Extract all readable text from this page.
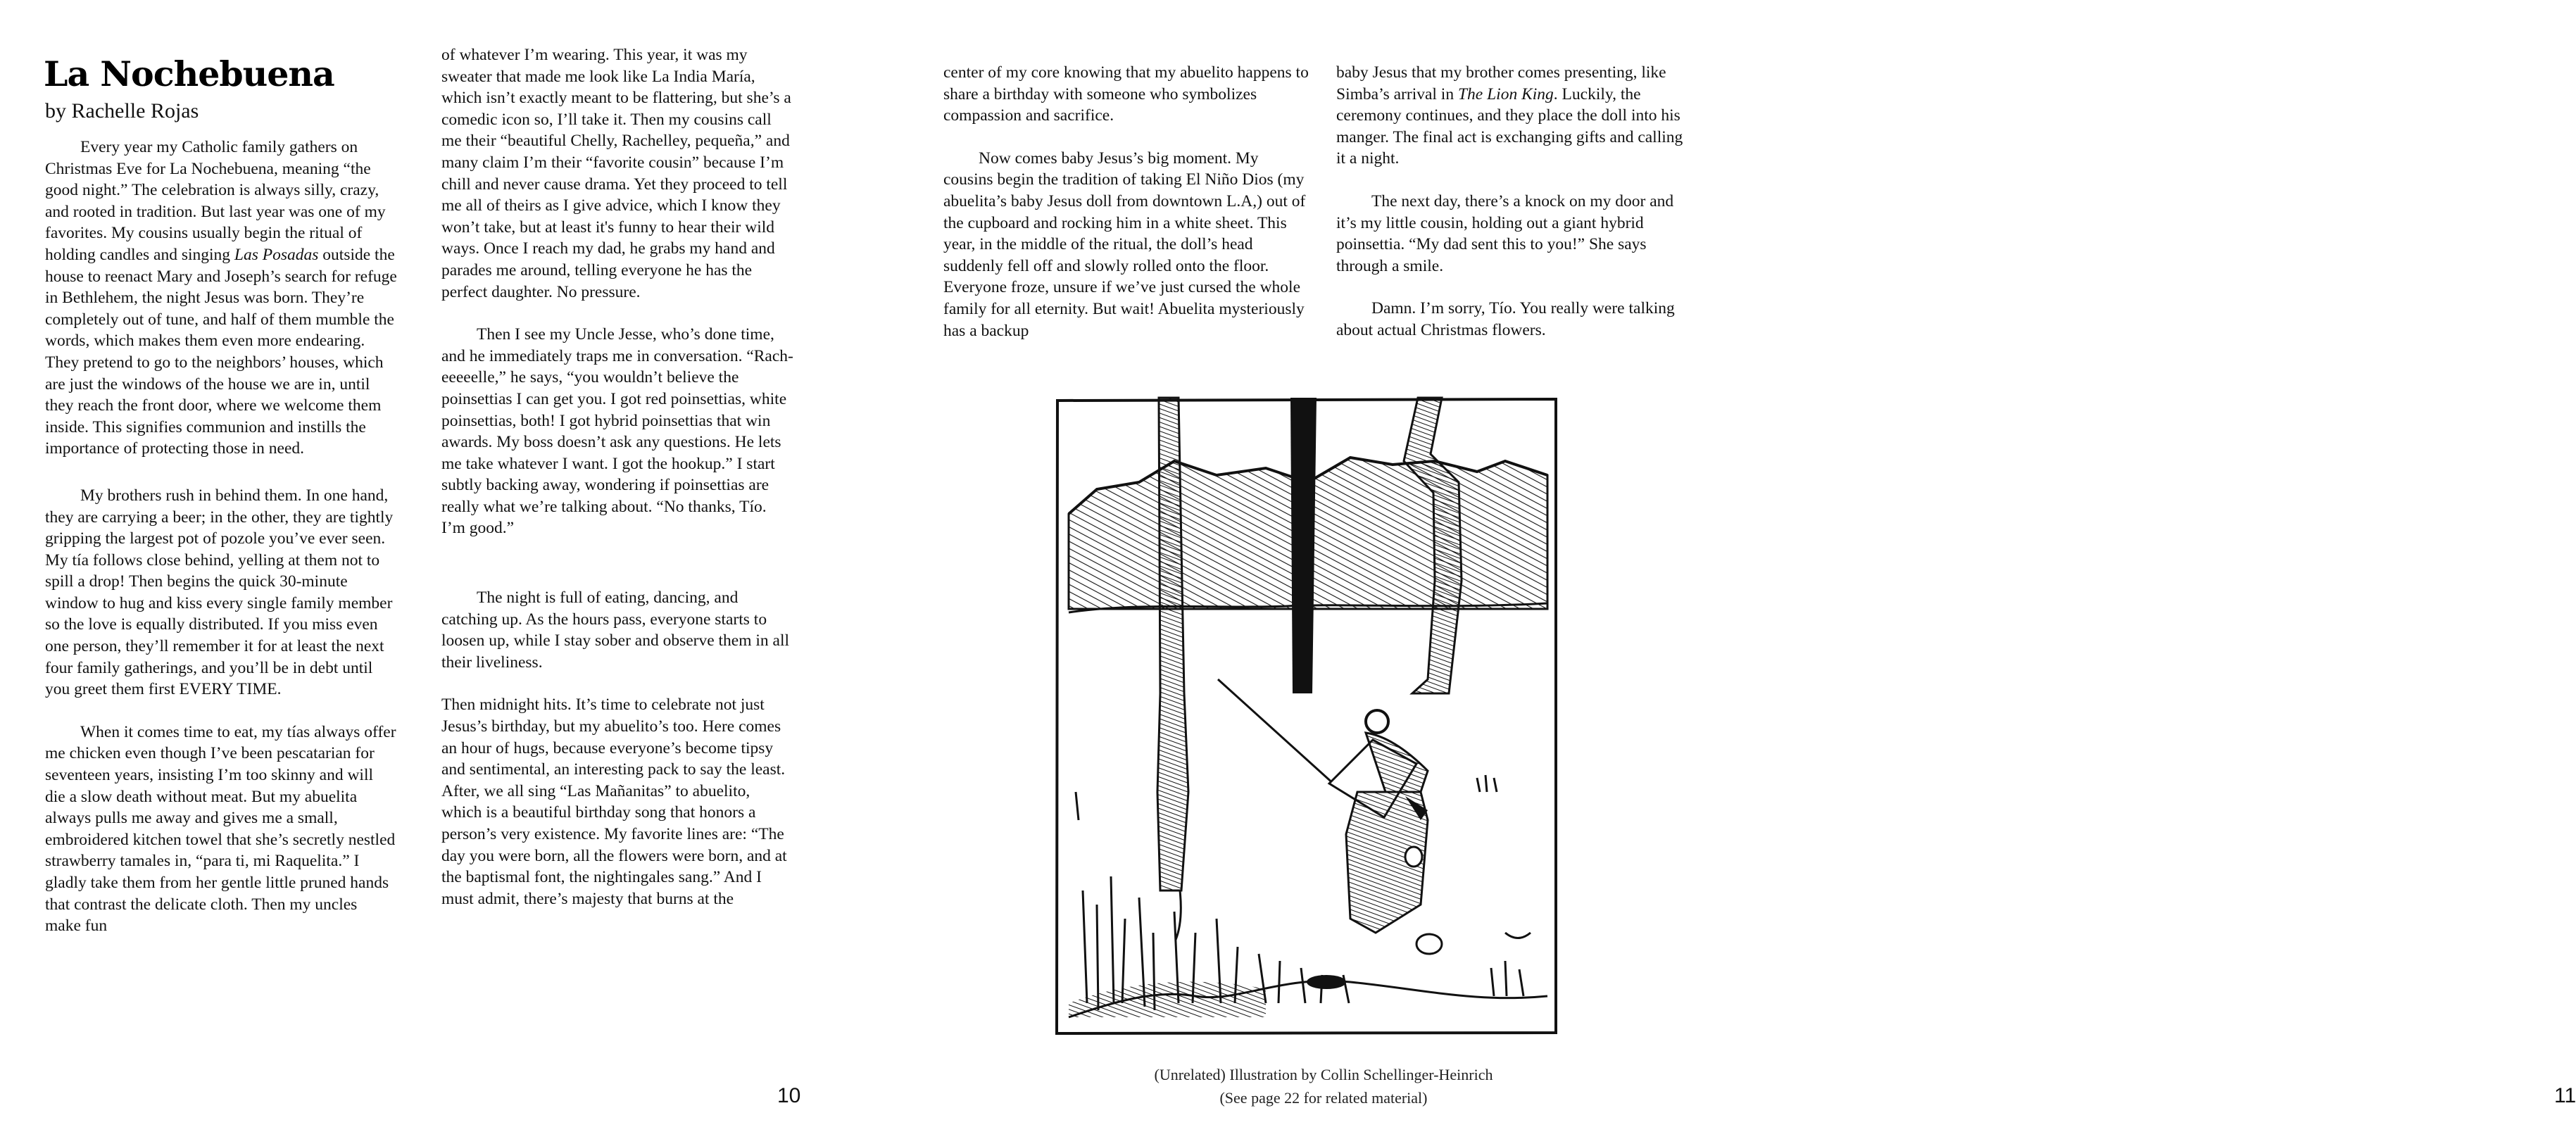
La Nochebuena

by Rachelle Rojas

Every year my Catholic family gathers on Christmas Eve for La Nochebuena, meaning “the good night.” The celebration is always silly, crazy, and rooted in tradition. But last year was one of my favorites. My cousins usually begin the ritual of holding candles and singing Las Posadas outside the house to reenact Mary and Joseph’s search for refuge in Bethlehem, the night Jesus was born. They’re completely out of tune, and half of them mumble the words, which makes them even more endearing. They pretend to go to the neighbors’ houses, which are just the windows of the house we are in, until they reach the front door, where we welcome them inside. This signifies communion and instills the importance of protecting those in need.

My brothers rush in behind them. In one hand, they are carrying a beer; in the other, they are tightly gripping the largest pot of pozole you’ve ever seen. My tía follows close behind, yelling at them not to spill a drop! Then begins the quick 30-minute window to hug and kiss every single family member so the love is equally distributed. If you miss even one person, they’ll remember it for at least the next four family gatherings, and you’ll be in debt until you greet them first EVERY TIME.

When it comes time to eat, my tías always offer me chicken even though I’ve been pescatarian for seventeen years, insisting I’m too skinny and will die a slow death without meat. But my abuelita always pulls me away and gives me a small, embroidered kitchen towel that she’s secretly nestled strawberry tamales in, “para ti, mi Raquelita.” I gladly take them from her gentle little pruned hands that contrast the delicate cloth. Then my uncles make fun

of whatever I’m wearing. This year, it was my sweater that made me look like La India María, which isn’t exactly meant to be flattering, but she’s a comedic icon so, I’ll take it. Then my cousins call me their “beautiful Chelly, Rachelley, pequeña,” and many claim I’m their “favorite cousin” because I’m chill and never cause drama. Yet they proceed to tell me all of theirs as I give advice, which I know they won’t take, but at least it's funny to hear their wild ways. Once I reach my dad, he grabs my hand and parades me around, telling everyone he has the perfect daughter. No pressure.

Then I see my Uncle Jesse, who’s done time, and he immediately traps me in conversation. “Rach-eeeeelle,” he says, “you wouldn’t believe the poinsettias I can get you. I got red poinsettias, white poinsettias, both! I got hybrid poinsettias that win awards. My boss doesn’t ask any questions. He lets me take whatever I want. I got the hookup.” I start subtly backing away, wondering if poinsettias are really what we’re talking about. “No thanks, Tío. I’m good.”

The night is full of eating, dancing, and catching up. As the hours pass, everyone starts to loosen up, while I stay sober and observe them in all their liveliness.

Then midnight hits. It’s time to celebrate not just Jesus’s birthday, but my abuelito’s too. Here comes an hour of hugs, because everyone’s become tipsy and sentimental, an interesting pack to say the least. After, we all sing “Las Mañanitas” to abuelito, which is a beautiful birthday song that honors a person’s very existence. My favorite lines are: “The day you were born, all the flowers were born, and at the baptismal font, the nightingales sang.” And I must admit, there’s majesty that burns at the

10

center of my core knowing that my abuelito happens to share a birthday with someone who symbolizes compassion and sacrifice.

Now comes baby Jesus’s big moment. My cousins begin the tradition of taking El Niño Dios (my abuelita’s baby Jesus doll from downtown L.A,) out of the cupboard and rocking him in a white sheet. This year, in the middle of the ritual, the doll’s head suddenly fell off and slowly rolled onto the floor. Everyone froze, unsure if we’ve just cursed the whole family for all eternity. But wait! Abuelita mysteriously has a backup

baby Jesus that my brother comes presenting, like Simba’s arrival in The Lion King. Luckily, the ceremony continues, and they place the doll into his manger. The final act is exchanging gifts and calling it a night.

The next day, there’s a knock on my door and it’s my little cousin, holding out a giant hybrid poinsettia. “My dad sent this to you!” She says through a smile.

Damn. I’m sorry, Tío. You really were talking about actual Christmas flowers.

(Unrelated) Illustration by Collin Schellinger-Heinrich
(See page 22 for related material)	11
